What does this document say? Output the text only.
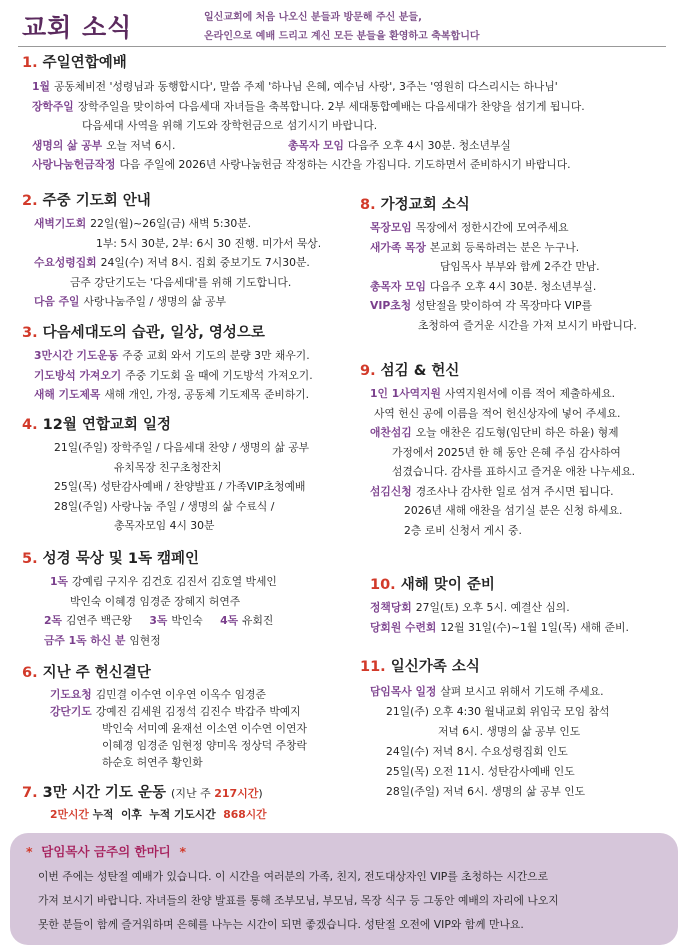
교회 소식	일신교회에 처음 나오신 분들과 방문해 주신 분들,
온라인으로 예배 드리고 계신 모든 분들을 환영하고 축복합니다
1. 주일연합예배
1월 공동체비전 '성령님과 동행합시다', 말씀 주제 '하나님 은혜, 예수님 사랑', 3주는 '영원히 다스리시는 하나님'
장학주일 장학주일을 맞이하여 다음세대 자녀들을 축복합니다. 2부 세대통합예배는 다음세대가 찬양을 섬기게 됩니다.
다음세대 사역을 위해 기도와 장학헌금으로 섬기시기 바랍니다.
생명의 삶 공부 오늘 저녁 6시.	총목자 모임 다음주 오후 4시 30분. 청소년부실
사랑나눔헌금작정 다음 주일에 2026년 사랑나눔헌금 작정하는 시간을 가집니다. 기도하면서 준비하시기 바랍니다.
2. 주중 기도회 안내
새벽기도회 22일(월)~26일(금) 새벽 5:30분.
1부: 5시 30분, 2부: 6시 30 진행. 미가서 묵상.
수요성령집회 24일(수) 저녁 8시. 집회 중보기도 7시30분.
금주 강단기도는 '다음세대'를 위해 기도합니다.
다음 주일 사랑나눔주일 / 생명의 삶 공부
3. 다음세대도의 습관, 일상, 영성으로
3만시간 기도운동 주중 교회 와서 기도의 분량 3만 채우기.
기도방석 가져오기 주중 기도회 올 때에 기도방석 가져오기.
새해 기도제목 새해 개인, 가정, 공동체 기도제목 준비하기.
4. 12월 연합교회 일정
21일(주일) 장학주일 / 다음세대 찬양 / 생명의 삶 공부
유치목장 친구초청잔치
25일(목) 성탄감사예배 / 찬양발표 / 가족VIP초청예배
28일(주일) 사랑나눔 주일 / 생명의 삶 수료식 /
총목자모임 4시 30분
5. 성경 묵상 및 1독 캠페인
1독 강예림 구지우 김건호 김진서 김호열 박세인
박인숙 이혜경 임경준 장혜지 허연주
2독 김연주 백근왕 3독 박인숙 4독 유회진
금주 1독 하신 분 임현정
6. 지난 주 헌신결단
기도요청 김민결 이수연 이우연 이옥수 임경준
강단기도 강예진 김세원 김정석 김진수 박갑주 박예지
박인숙 서미예 윤재선 이소연 이수연 이연자
이혜경 임경준 임현정 양미옥 정상덕 주창락
하순호 허연주 황인화
7. 3만 시간 기도 운동 (지난 주 217시간)
2만시간 누적  이후  누적 기도시간  868시간
8. 가정교회 소식
목장모임 목장에서 정한시간에 모여주세요
새가족 목장 본교회 등록하려는 분은 누구나.
담임목사 부부와 함께 2주간 만남.
총목자 모임 다음주 오후 4시 30분. 청소년부실.
VIP초청 성탄절을 맞이하여 각 목장마다 VIP를
초청하여 즐거운 시간을 가져 보시기 바랍니다.
9. 섬김 & 헌신
1인 1사역지원 사역지원서에 이름 적어 제출하세요.
사역 헌신 공에 이름을 적어 헌신상자에 넣어 주세요.
애찬섬김 오늘 애찬은 김도형(임단비 하은 하윤) 형제
가정에서 2025년 한 해 동안 은혜 주심 감사하여
섬겼습니다. 감사를 표하시고 즐거운 애찬 나누세요.
섬김신청 경조사나 감사한 일로 섬겨 주시면 됩니다.
2026년 새해 애찬을 섬기실 분은 신청 하세요.
2층 로비 신청서 게시 중.
10. 새해 맞이 준비
정책당회 27일(토) 오후 5시. 예결산 심의.
당회원 수련회 12월 31일(수)~1월 1일(목) 새해 준비.
11. 일신가족 소식
담임목사 일정 살펴 보시고 위해서 기도해 주세요.
21일(주) 오후 4:30 월내교회 위임국 모임 참석
저녁 6시. 생명의 삶 공부 인도
24일(수) 저녁 8시. 수요성령집회 인도
25일(목) 오전 11시. 성탄감사예배 인도
28일(주일) 저녁 6시. 생명의 삶 공부 인도
* 담임목사 금주의 한마디 *
이번 주에는 성탄절 예배가 있습니다. 이 시간을 여러분의 가족, 친지, 전도대상자인 VIP를 초청하는 시간으로
가져 보시기 바랍니다. 자녀들의 찬양 발표를 통해 조부모님, 부모님, 목장 식구 등 그동안 예배의 자리에 나오지
못한 분들이 함께 즐거워하며 은혜를 나누는 시간이 되면 좋겠습니다. 성탄절 오전에 VIP와 함께 만나요.
